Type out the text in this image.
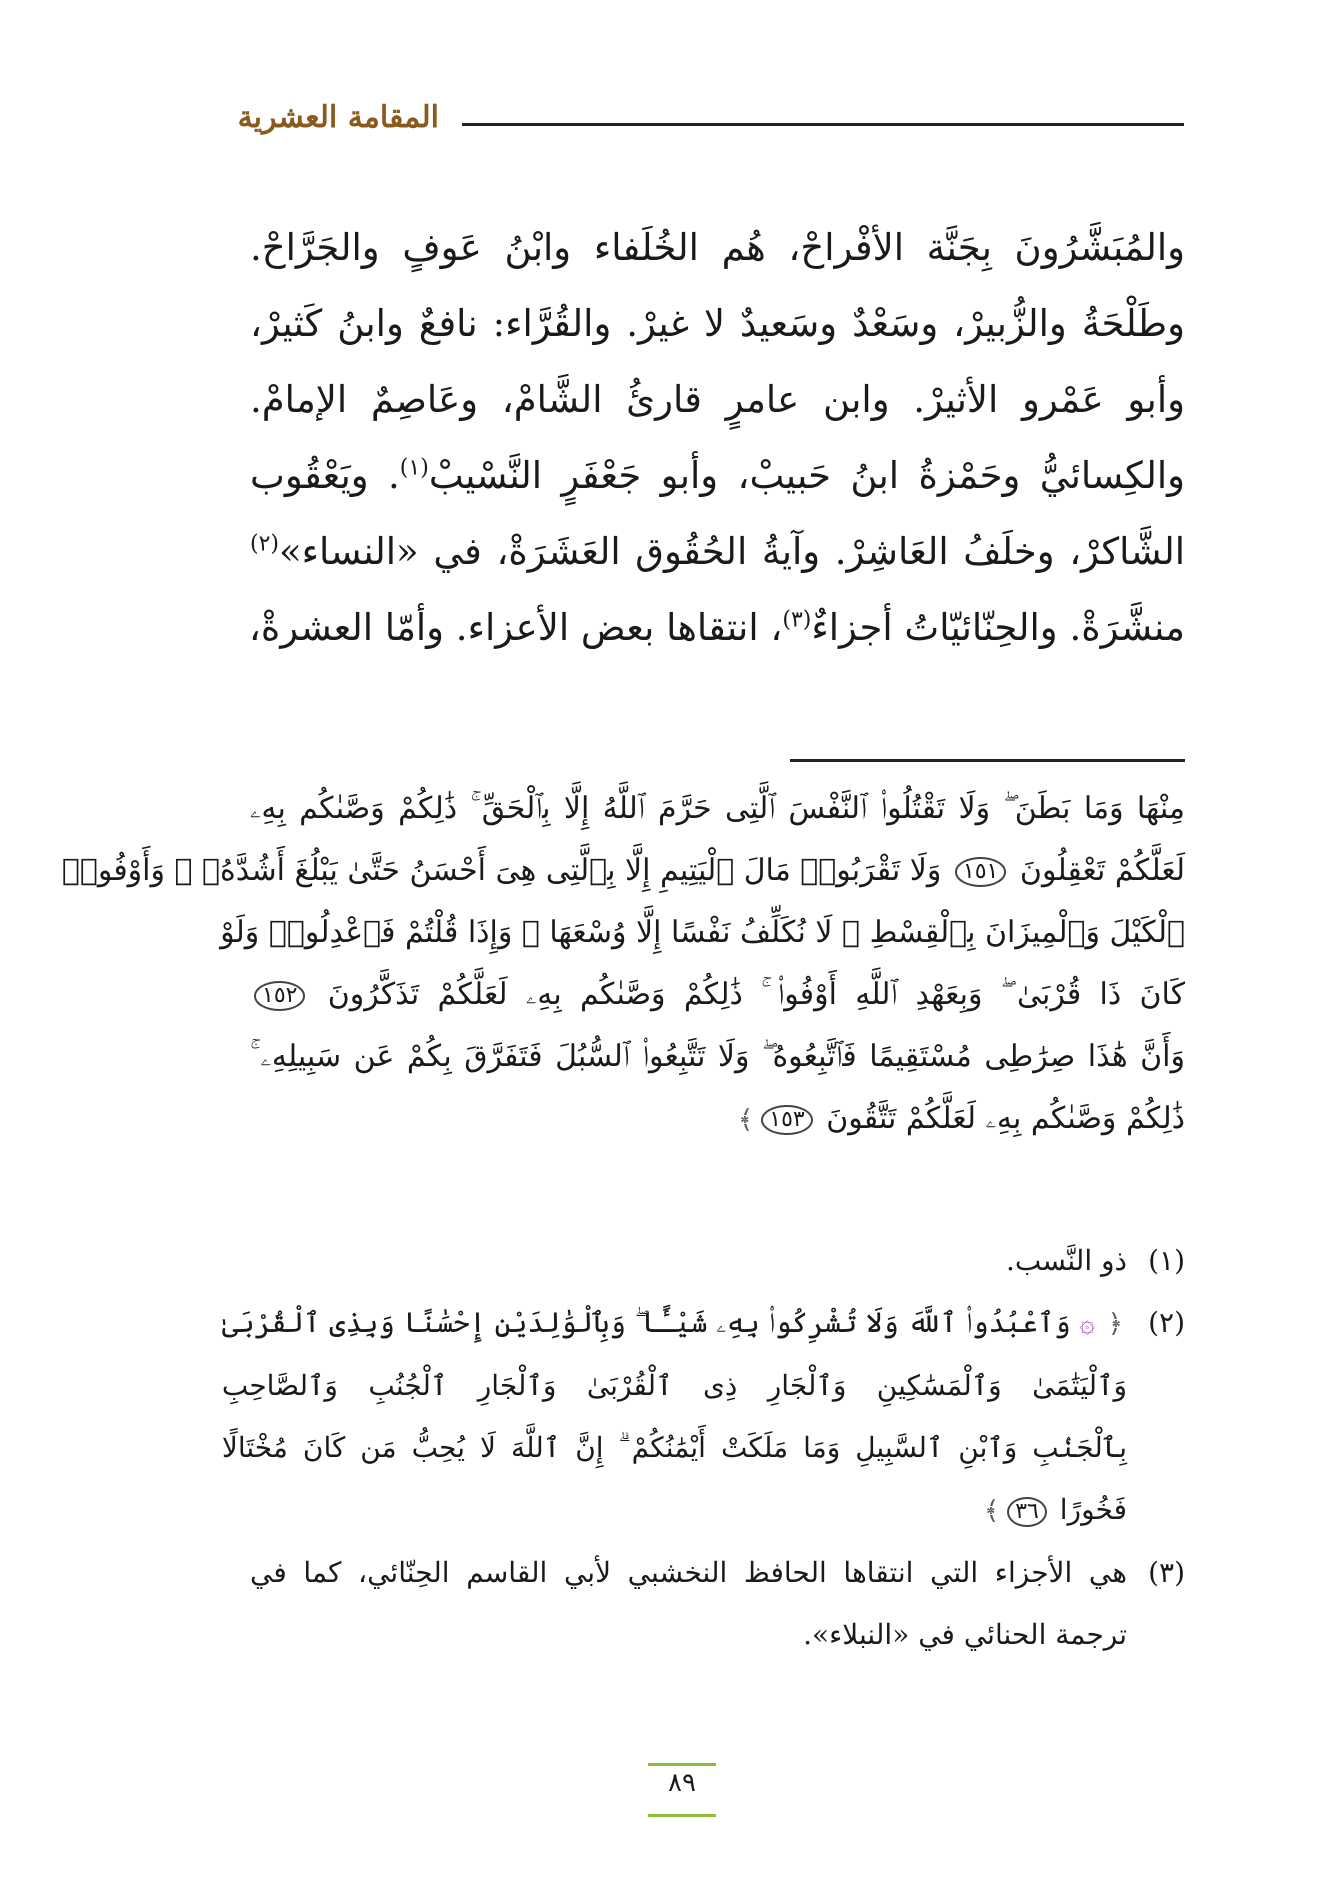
المقامة العشرية
والمُبَشَّرُونَ بِجَنَّة الأفْراحْ، هُم الخُلَفاء وابْنُ عَوفٍ والجَرَّاحْ.
وطَلْحَةُ والزُّبيرْ، وسَعْدٌ وسَعيدٌ لا غيرْ. والقُرَّاء: نافعٌ وابنُ كَثيرْ،
وأبو عَمْرو الأثيرْ. وابن عامرٍ قارئُ الشَّامْ، وعَاصِمٌ الإمامْ.
والكِسائيُّ وحَمْزةُ ابنُ حَبيبْ، وأبو جَعْفَرٍ النَّسْيبْ$^{(١)}$. ويَعْقُوب
الشَّاكرْ، وخلَفُ العَاشِرْ. وآيةُ الحُقُوق العَشَرَةْ، في «النساء»$^{(٢)}$
منشَّرَةْ. والحِنّائيّاتُ أجزاءٌ$^{(٣)}$، انتقاها بعض الأعزاء. وأمّا العشرةْ،
مِنْهَا وَمَا بَطَنَ ۖ وَلَا تَقْتُلُوا۟ ٱلنَّفْسَ ٱلَّتِى حَرَّمَ ٱللَّهُ إِلَّا بِٱلْحَقِّ ۚ ذَٰلِكُمْ وَصَّىٰكُم بِهِۦ
لَعَلَّكُمْ تَعْقِلُونَ ١٥١ وَلَا تَقْرَبُوا۟ مَالَ ٱلْيَتِيمِ إِلَّا بِٱلَّتِى هِىَ أَحْسَنُ حَتَّىٰ يَبْلُغَ أَشُدَّهُۥ ۖ وَأَوْفُوا۟
ٱلْكَيْلَ وَٱلْمِيزَانَ بِٱلْقِسْطِ ۖ لَا نُكَلِّفُ نَفْسًا إِلَّا وُسْعَهَا ۖ وَإِذَا قُلْتُمْ فَٱعْدِلُوا۟ وَلَوْ
كَانَ ذَا قُرْبَىٰ ۖ وَبِعَهْدِ ٱللَّهِ أَوْفُوا۟ ۚ ذَٰلِكُمْ وَصَّىٰكُم بِهِۦ لَعَلَّكُمْ تَذَكَّرُونَ ١٥٢
وَأَنَّ هَٰذَا صِرَٰطِى مُسْتَقِيمًا فَٱتَّبِعُوهُ ۖ وَلَا تَتَّبِعُوا۟ ٱلسُّبُلَ فَتَفَرَّقَ بِكُمْ عَن سَبِيلِهِۦ ۚ
ذَٰلِكُمْ وَصَّىٰكُم بِهِۦ لَعَلَّكُمْ تَتَّقُونَ ١٥٣﴾
(١)
ذو النَّسب.
(٢)
﴿ ۞ وَٱعْبُدُوا۟ ٱللَّهَ وَلَا تُشْرِكُوا۟ بِهِۦ شَيْـًٔا ۖ وَبِٱلْوَٰلِدَيْنِ إِحْسَٰنًا وَبِذِى ٱلْقُرْبَىٰ
وَٱلْيَتَٰمَىٰ وَٱلْمَسَٰكِينِ وَٱلْجَارِ ذِى ٱلْقُرْبَىٰ وَٱلْجَارِ ٱلْجُنُبِ وَٱلصَّاحِبِ
بِٱلْجَنۢبِ وَٱبْنِ ٱلسَّبِيلِ وَمَا مَلَكَتْ أَيْمَٰنُكُمْ ۗ إِنَّ ٱللَّهَ لَا يُحِبُّ مَن كَانَ مُخْتَالًا
فَخُورًا ٣٦﴾
(٣)
هي الأجزاء التي انتقاها الحافظ النخشبي لأبي القاسم الحِنّائي، كما في
ترجمة الحنائي في «النبلاء».
٨٩
